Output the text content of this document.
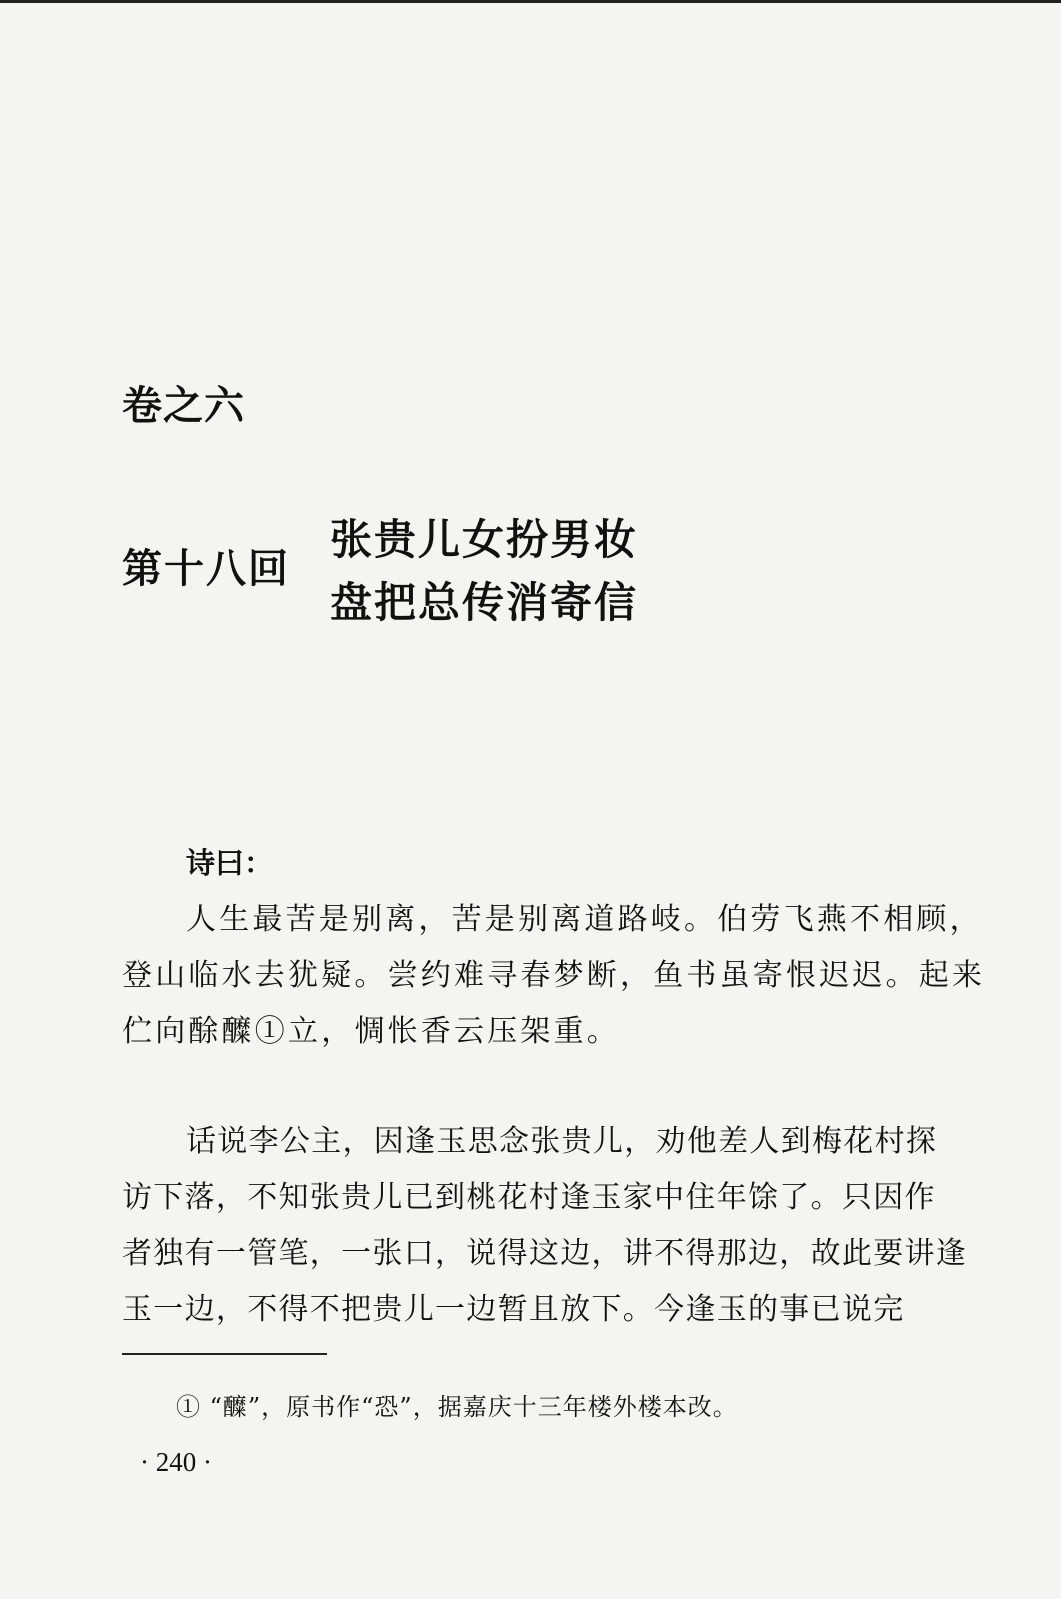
卷之六
第十八回
张贵儿女扮男妆
盘把总传消寄信
诗曰：
人生最苦是别离，苦是别离道路岐。伯劳飞燕不相顾，
登山临水去犹疑。尝约难寻春梦断，鱼书虽寄恨迟迟。起来
伫向酴醾①立，惆怅香云压架重。
话说李公主，因逢玉思念张贵儿，劝他差人到梅花村探
访下落，不知张贵儿已到桃花村逢玉家中住年馀了。只因作
者独有一管笔，一张口，说得这边，讲不得那边，故此要讲逢
玉一边，不得不把贵儿一边暂且放下。今逢玉的事已说完
① “醾”，原书作“恐”，据嘉庆十三年楼外楼本改。
· 240 ·
